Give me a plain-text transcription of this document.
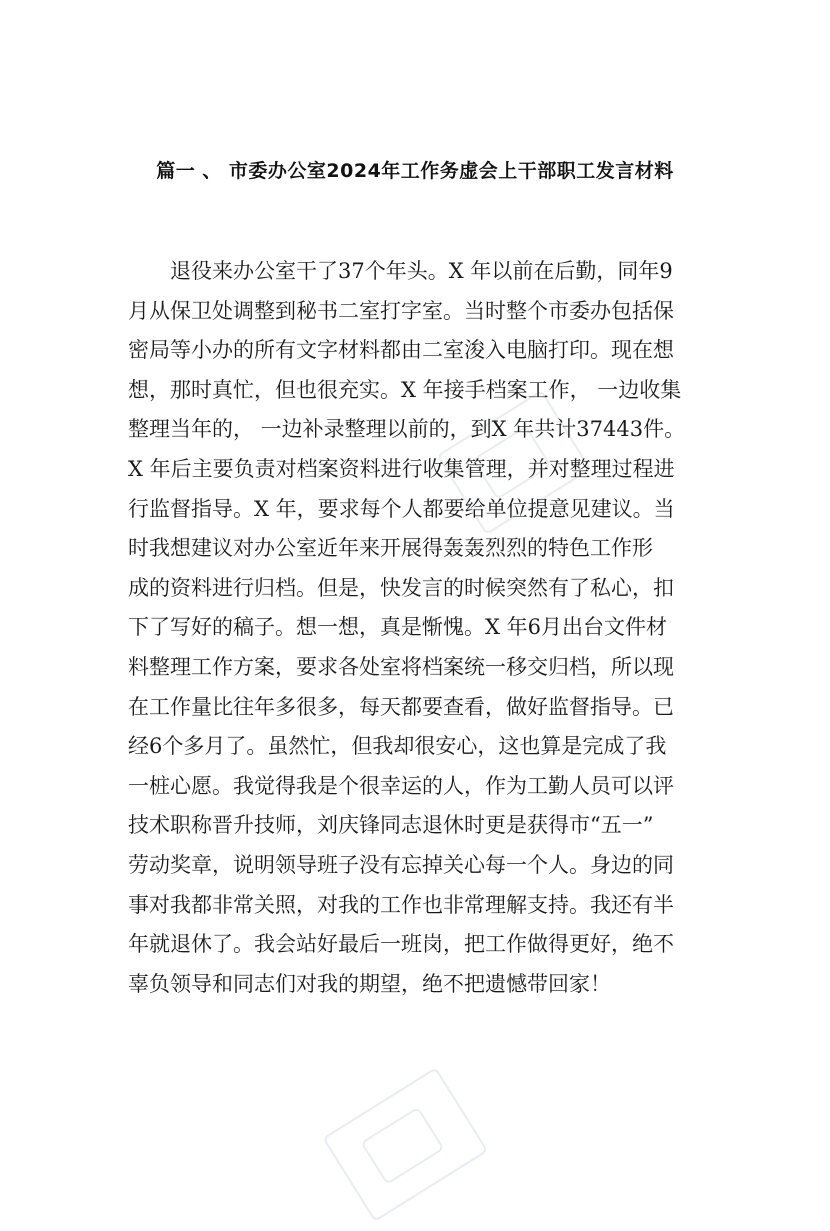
篇一 、 市委办公室2024年工作务虚会上干部职工发言材料
退役来办公室干了37个年头。X 年以前在后勤，同年9
月从保卫处调整到秘书二室打字室。当时整个市委办包括保
密局等小办的所有文字材料都由二室浚入电脑打印。现在想
想，那时真忙，但也很充实。X 年接手档案工作， 一边收集
整理当年的， 一边补录整理以前的，到X 年共计37443件。
X 年后主要负责对档案资料进行收集管理，并对整理过程进
行监督指导。X 年，要求每个人都要给单位提意见建议。当
时我想建议对办公室近年来开展得轰轰烈烈的特色工作形
成的资料进行归档。但是，快发言的时候突然有了私心，扣
下了写好的稿子。想一想，真是惭愧。X 年6月出台文件材
料整理工作方案，要求各处室将档案统一移交归档，所以现
在工作量比往年多很多，每天都要查看，做好监督指导。已
经6个多月了。虽然忙，但我却很安心，这也算是完成了我
一桩心愿。我觉得我是个很幸运的人，作为工勤人员可以评
技术职称晋升技师，刘庆锋同志退休时更是获得市“五一”
劳动奖章，说明领导班子没有忘掉关心每一个人。身边的同
事对我都非常关照，对我的工作也非常理解支持。我还有半
年就退休了。我会站好最后一班岗，把工作做得更好，绝不
辜负领导和同志们对我的期望，绝不把遗憾带回家！
